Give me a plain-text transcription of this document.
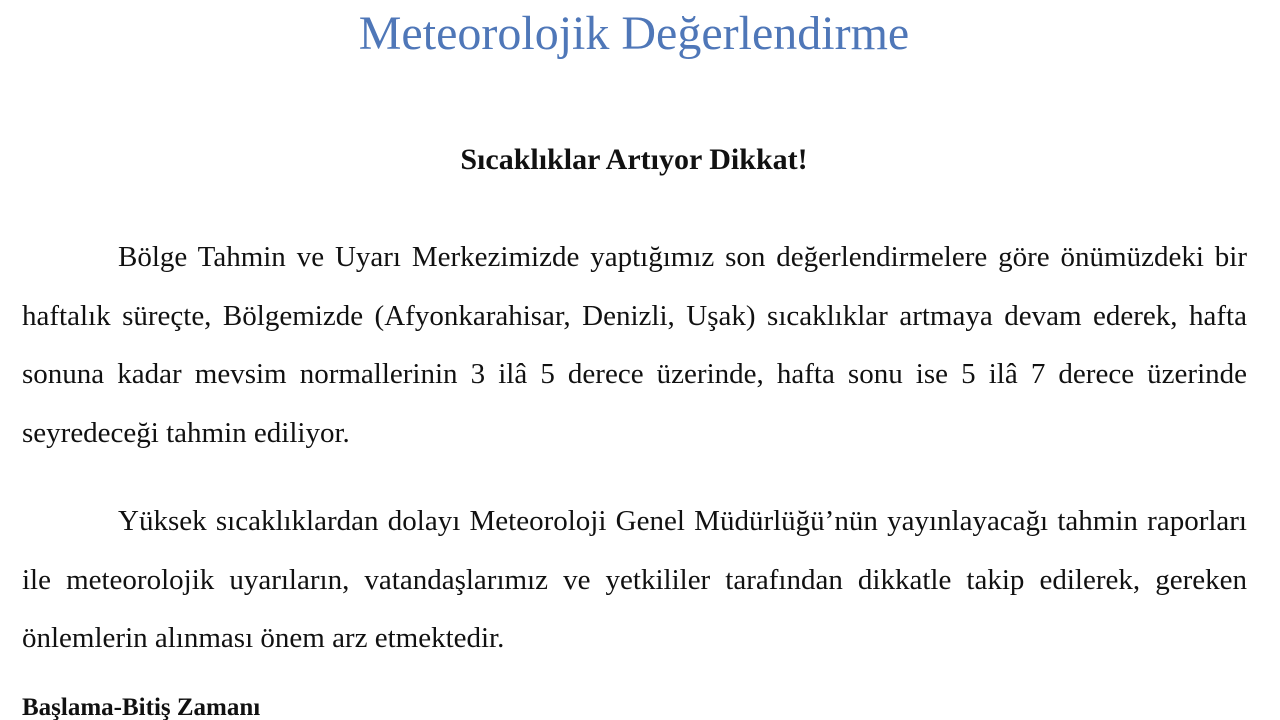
Meteorolojik Değerlendirme
Sıcaklıklar Artıyor Dikkat!

Bölge Tahmin ve Uyarı Merkezimizde yaptığımız son değerlendirmelere göre önümüzdeki bir haftalık süreçte, Bölgemizde (Afyonkarahisar, Denizli, Uşak) sıcaklıklar artmaya devam ederek, hafta sonuna kadar mevsim normallerinin 3 ilâ 5 derece üzerinde, hafta sonu ise 5 ilâ 7 derece üzerinde seyredeceği tahmin ediliyor.

Yüksek sıcaklıklardan dolayı Meteoroloji Genel Müdürlüğü’nün yayınlayacağı tahmin raporları ile meteorolojik uyarıların, vatandaşlarımız ve yetkililer tarafından dikkatle takip edilerek, gereken önlemlerin alınması önem arz etmektedir.

Başlama-Bitiş Zamanı
